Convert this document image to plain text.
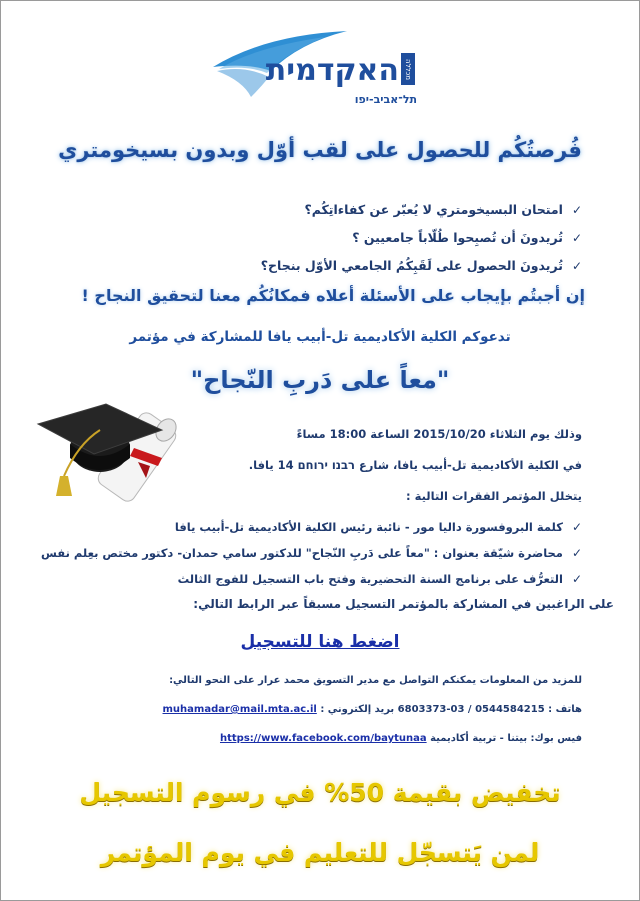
תל־אביב-יפו
האקדמית מכללה
فُرصتُكُم للحصول على لقب أوّل وبدون بسيخومتري
✓امتحان البسيخومتري لا يُعبّر عن كفاءاتِكُم؟
✓تُريدونَ أن تُصبِحوا طُلّاباً جامعيين ؟
✓تُريدونَ الحصول على لَقَبِكُمُ الجامعي الأوّل بنجاح؟
إن أجبتُم بإيجاب على الأسئلة أعلاه فمكانُكُم معنا لتحقيق النجاح !
تدعوكم الكلية الأكاديمية تل-أبيب يافا للمشاركة في مؤتمر
"معاً على دَربِ النّجاح"
وذلك يوم الثلاثاء 2015/10/20 الساعة 18:00 مساءً
في الكلية الأكاديمية تل-أبيب يافا، شارع רבנו ירוחם 14 يافا.
يتخلل المؤتمر الفقرات التالية :
✓كلمة البروفسورة داليا مور - نائبة رئيس الكلية الأكاديمية تل-أبيب يافا
✓محاضرة شيّقة بعنوان : "معاً على دَربِ النّجاح" للدكتور سامي حمدان- دكتور مختص بعِلم نفس
✓التعرُّف على برنامج السنة التحضيرية وفتح باب التسجيل للفوج الثالث
على الراغبين في المشاركة بالمؤتمر التسجيل مسبقاً عبر الرابط التالي:
اضغط هنا للتسجيل
للمزيد من المعلومات يمكنكم التواصل مع مدير التسويق محمد عرار على النحو التالي:
هاتف : 0544584215 / 03-6803373 بريد إلكتروني : muhamadar@mail.mta.ac.il
فيس بوك: بيتنا - تربية أكاديمية https://www.facebook.com/baytunaa
تخفيض بقيمة 50% في رسوم التسجيل
لمن يَتسجّل للتعليم في يوم المؤتمر
